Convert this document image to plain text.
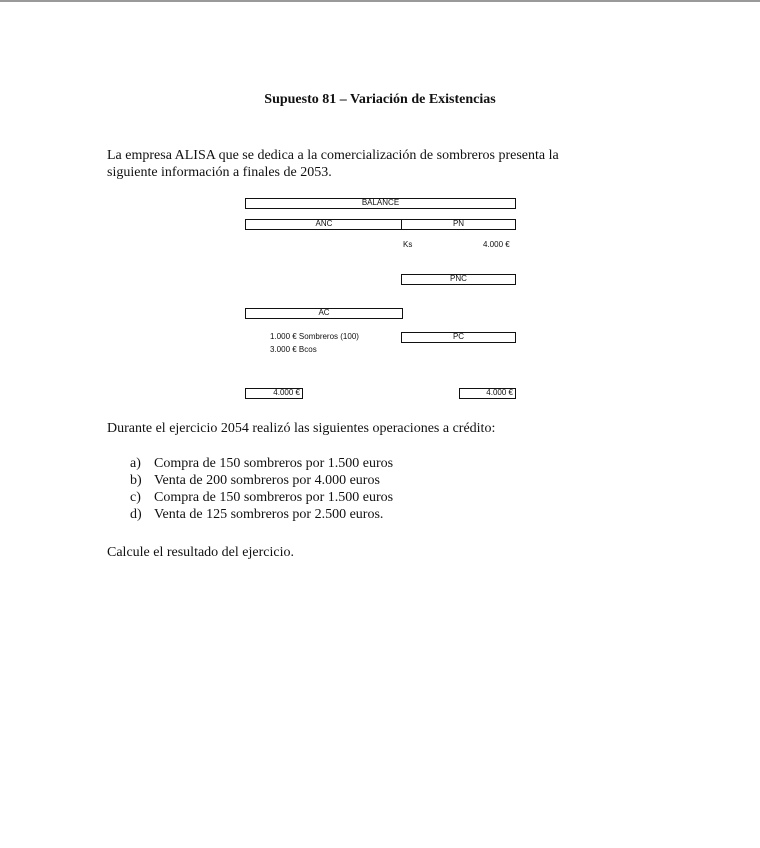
Supuesto 81 – Variación de Existencias
La empresa ALISA que se dedica a la comercialización de sombreros presenta la
siguiente información a finales de 2053.
BALANCE
ANC	PN
Ks	4.000 €
PNC
AC
1.000 € Sombreros (100)
3.000 € Bcos
PC
4.000 €	4.000 €
Durante el ejercicio 2054 realizó las siguientes operaciones a crédito:
a) Compra de 150 sombreros por 1.500 euros
b) Venta de 200 sombreros por 4.000 euros
c) Compra de 150 sombreros por 1.500 euros
d) Venta de 125 sombreros por 2.500 euros.
Calcule el resultado del ejercicio.
